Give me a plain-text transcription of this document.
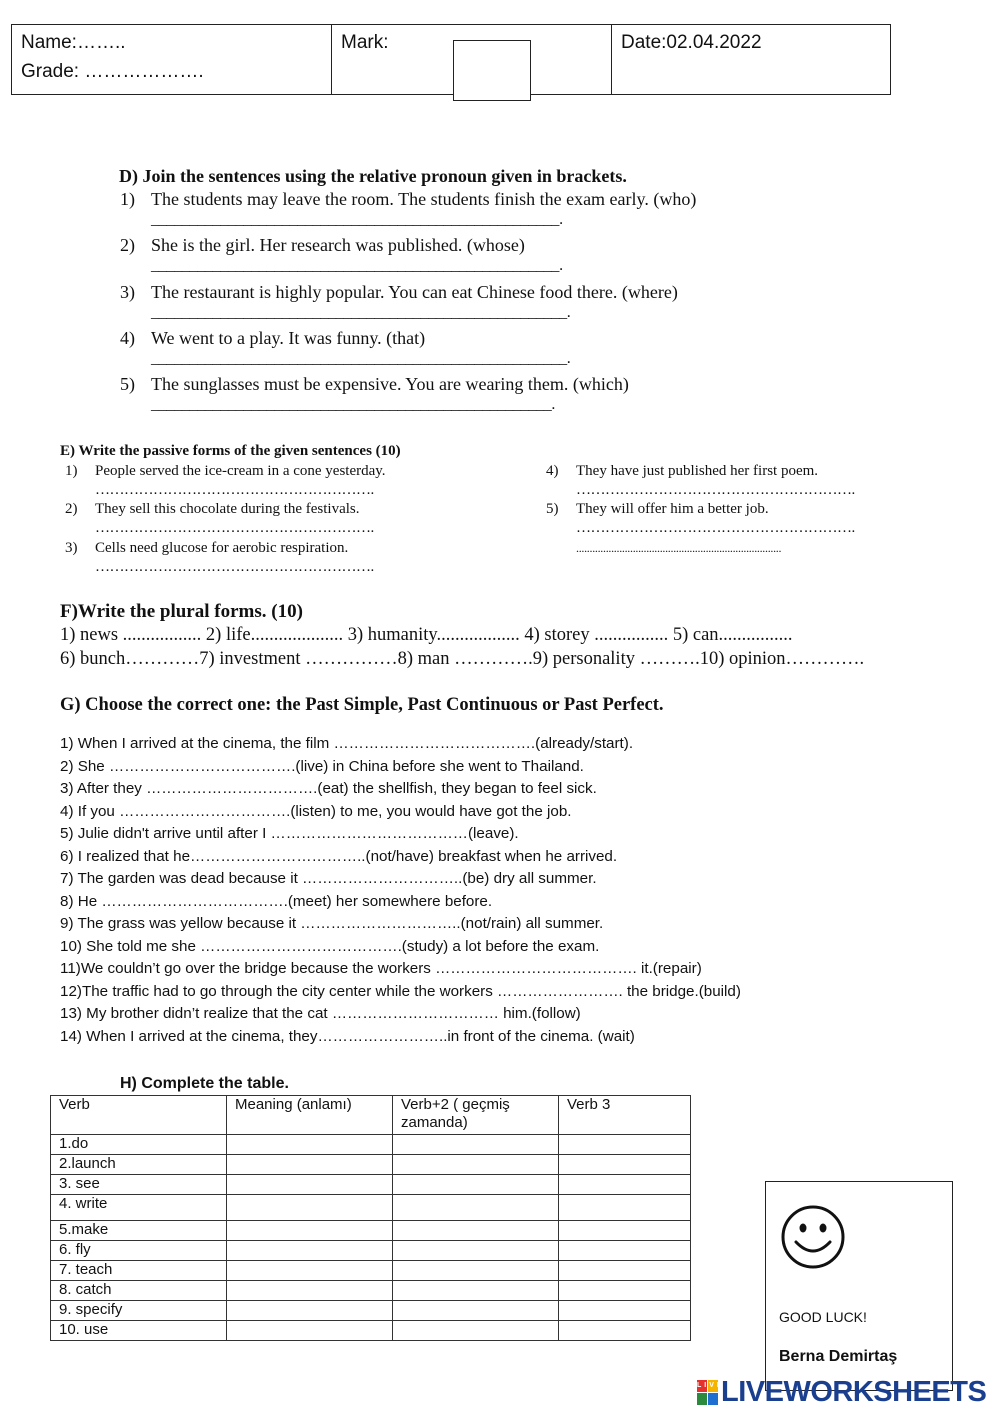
Name:……..
Grade: ……………….
Mark:	Date:02.04.2022
D) Join the sentences using the relative pronoun given in brackets.
1) The students may leave the room. The students finish the exam early. (who)
_____________________________________________________.
2) She is the girl. Her research was published. (whose)
_____________________________________________________.
3) The restaurant is highly popular. You can eat Chinese food there. (where)
______________________________________________________.
4) We went to a play. It was funny. (that)
______________________________________________________.
5) The sunglasses must be expensive. You are wearing them. (which)
____________________________________________________.
E) Write the passive forms of the given sentences (10)
1) People served the ice-cream in a cone yesterday.
………………………………………………….
2) They sell this chocolate during the festivals.
………………………………………………….
3) Cells need glucose for aerobic respiration.
………………………………………………….
4) They have just published her first poem.
………………………………………………….
5) They will offer him a better job.
………………………………………………….
............................................................................
F)Write the plural forms. (10)
1) news ................. 2) life.................... 3) humanity.................. 4) storey ................ 5) can................
6) bunch…………7) investment ……………8) man ………….9) personality ……….10) opinion………….
G) Choose the correct one: the Past Simple, Past Continuous or Past Perfect.
1) When I arrived at the cinema, the film ………………………………….(already/start).
2) She ……………………………….(live) in China before she went to Thailand.
3) After they …………………………….(eat) the shellfish, they began to feel sick.
4) If you …………………………….(listen) to me, you would have got the job.
5) Julie didn't arrive until after I …………………………………(leave).
6) I realized that he……………………………..(not/have) breakfast when he arrived.
7) The garden was dead because it …………………………..(be) dry all summer.
8) He ……………………………….(meet) her somewhere before.
9) The grass was yellow because it …………………………..(not/rain) all summer.
10) She told me she ………………………………….(study) a lot before the exam.
11)We couldn’t go over the bridge because the workers …………………………………. it.(repair)
12)The traffic had to go through the city center while the workers ……………………. the bridge.(build)
13) My brother didn’t realize that the cat …………………………… him.(follow)
14) When I arrived at the cinema, they……………………..in front of the cinema. (wait)
H) Complete the table.
Verb	Meaning (anlamı)	Verb+2 ( geçmiş zamanda)	Verb 3
1.do			
2.launch			
3. see			
4. write			
5.make			
6. fly			
7. teach			
8. catch			
9. specify			
10. use			
GOOD LUCK!
Berna Demirtaş
LIVE
LIVEWORKSHEETS
